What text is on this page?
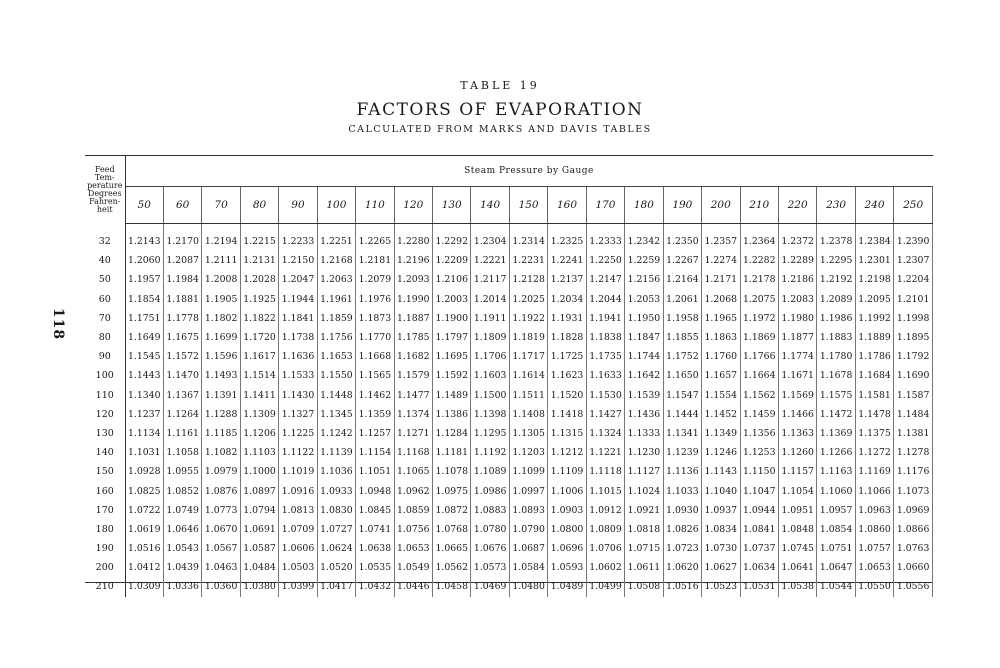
118
TABLE 19
FACTORS OF EVAPORATION
CALCULATED FROM MARKS AND DAVIS TABLES
Feed Tem-perature Degrees Fahren-heit	Steam Pressure by Gauge																				
	50	60	70	80	90	100	110	120	130	140	150	160	170	180	190	200	210	220	230	240	250
32	1.2143	1.2170	1.2194	1.2215	1.2233	1.2251	1.2265	1.2280	1.2292	1.2304	1.2314	1.2325	1.2333	1.2342	1.2350	1.2357	1.2364	1.2372	1.2378	1.2384	1.2390
40	1.2060	1.2087	1.2111	1.2131	1.2150	1.2168	1.2181	1.2196	1.2209	1.2221	1.2231	1.2241	1.2250	1.2259	1.2267	1.2274	1.2282	1.2289	1.2295	1.2301	1.2307
50	1.1957	1.1984	1.2008	1.2028	1.2047	1.2063	1.2079	1.2093	1.2106	1.2117	1.2128	1.2137	1.2147	1.2156	1.2164	1.2171	1.2178	1.2186	1.2192	1.2198	1.2204
60	1.1854	1.1881	1.1905	1.1925	1.1944	1.1961	1.1976	1.1990	1.2003	1.2014	1.2025	1.2034	1.2044	1.2053	1.2061	1.2068	1.2075	1.2083	1.2089	1.2095	1.2101
70	1.1751	1.1778	1.1802	1.1822	1.1841	1.1859	1.1873	1.1887	1.1900	1.1911	1.1922	1.1931	1.1941	1.1950	1.1958	1.1965	1.1972	1.1980	1.1986	1.1992	1.1998
80	1.1649	1.1675	1.1699	1.1720	1.1738	1.1756	1.1770	1.1785	1.1797	1.1809	1.1819	1.1828	1.1838	1.1847	1.1855	1.1863	1.1869	1.1877	1.1883	1.1889	1.1895
90	1.1545	1.1572	1.1596	1.1617	1.1636	1.1653	1.1668	1.1682	1.1695	1.1706	1.1717	1.1725	1.1735	1.1744	1.1752	1.1760	1.1766	1.1774	1.1780	1.1786	1.1792
100	1.1443	1.1470	1.1493	1.1514	1.1533	1.1550	1.1565	1.1579	1.1592	1.1603	1.1614	1.1623	1.1633	1.1642	1.1650	1.1657	1.1664	1.1671	1.1678	1.1684	1.1690
110	1.1340	1.1367	1.1391	1.1411	1.1430	1.1448	1.1462	1.1477	1.1489	1.1500	1.1511	1.1520	1.1530	1.1539	1.1547	1.1554	1.1562	1.1569	1.1575	1.1581	1.1587
120	1.1237	1.1264	1.1288	1.1309	1.1327	1.1345	1.1359	1.1374	1.1386	1.1398	1.1408	1.1418	1.1427	1.1436	1.1444	1.1452	1.1459	1.1466	1.1472	1.1478	1.1484
130	1.1134	1.1161	1.1185	1.1206	1.1225	1.1242	1.1257	1.1271	1.1284	1.1295	1.1305	1.1315	1.1324	1.1333	1.1341	1.1349	1.1356	1.1363	1.1369	1.1375	1.1381
140	1.1031	1.1058	1.1082	1.1103	1.1122	1.1139	1.1154	1.1168	1.1181	1.1192	1.1203	1.1212	1.1221	1.1230	1.1239	1.1246	1.1253	1.1260	1.1266	1.1272	1.1278
150	1.0928	1.0955	1.0979	1.1000	1.1019	1.1036	1.1051	1.1065	1.1078	1.1089	1.1099	1.1109	1.1118	1.1127	1.1136	1.1143	1.1150	1.1157	1.1163	1.1169	1.1176
160	1.0825	1.0852	1.0876	1.0897	1.0916	1.0933	1.0948	1.0962	1.0975	1.0986	1.0997	1.1006	1.1015	1.1024	1.1033	1.1040	1.1047	1.1054	1.1060	1.1066	1.1073
170	1.0722	1.0749	1.0773	1.0794	1.0813	1.0830	1.0845	1.0859	1.0872	1.0883	1.0893	1.0903	1.0912	1.0921	1.0930	1.0937	1.0944	1.0951	1.0957	1.0963	1.0969
180	1.0619	1.0646	1.0670	1.0691	1.0709	1.0727	1.0741	1.0756	1.0768	1.0780	1.0790	1.0800	1.0809	1.0818	1.0826	1.0834	1.0841	1.0848	1.0854	1.0860	1.0866
190	1.0516	1.0543	1.0567	1.0587	1.0606	1.0624	1.0638	1.0653	1.0665	1.0676	1.0687	1.0696	1.0706	1.0715	1.0723	1.0730	1.0737	1.0745	1.0751	1.0757	1.0763
200	1.0412	1.0439	1.0463	1.0484	1.0503	1.0520	1.0535	1.0549	1.0562	1.0573	1.0584	1.0593	1.0602	1.0611	1.0620	1.0627	1.0634	1.0641	1.0647	1.0653	1.0660
210	1.0309	1.0336	1.0360	1.0380	1.0399	1.0417	1.0432	1.0446	1.0458	1.0469	1.0480	1.0489	1.0499	1.0508	1.0516	1.0523	1.0531	1.0538	1.0544	1.0550	1.0556
